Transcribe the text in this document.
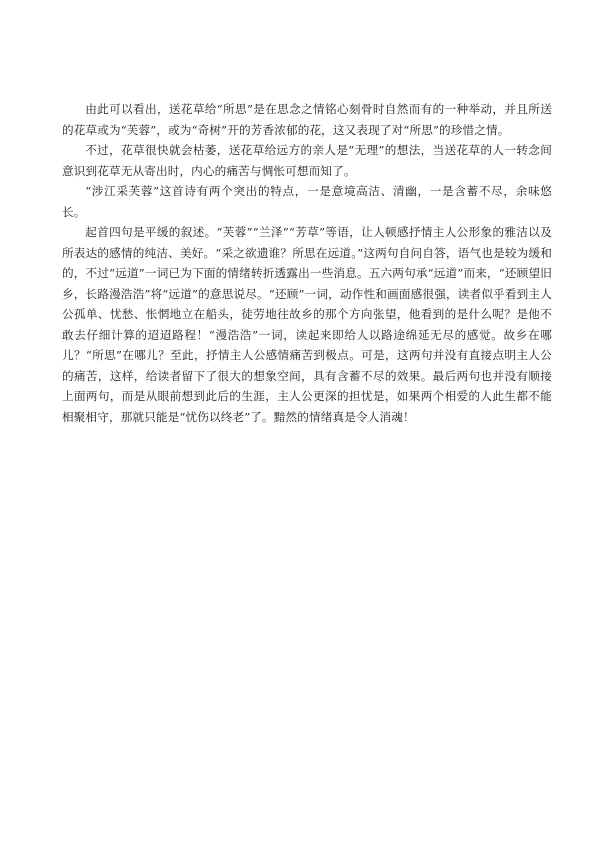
由此可以看出，送花草给“所思”是在思念之情铭心刻骨时自然而有的一种举动，并且所送的花草或为“芙蓉”，或为“奇树”开的芳香浓郁的花，这又表现了对“所思”的珍惜之情。

不过，花草很快就会枯萎，送花草给远方的亲人是“无理”的想法，当送花草的人一转念间意识到花草无从寄出时，内心的痛苦与惆怅可想而知了。

“涉江采芙蓉”这首诗有两个突出的特点，一是意境高洁、清幽，一是含蓄不尽，余味悠长。

起首四句是平缓的叙述。“芙蓉”“兰泽”“芳草”等语，让人顿感抒情主人公形象的雅洁以及所表达的感情的纯洁、美好。“采之欲遗谁？所思在远道。”这两句自问自答，语气也是较为缓和的，不过“远道”一词已为下面的情绪转折透露出一些消息。五六两句承“远道”而来，“还顾望旧乡，长路漫浩浩”将“远道”的意思说尽。“还顾”一词，动作性和画面感很强，读者似乎看到主人公孤单、忧愁、怅惘地立在船头，徒劳地往故乡的那个方向张望，他看到的是什么呢？是他不敢去仔细计算的迢迢路程！“漫浩浩”一词，读起来即给人以路途绵延无尽的感觉。故乡在哪儿？“所思”在哪儿？至此，抒情主人公感情痛苦到极点。可是，这两句并没有直接点明主人公的痛苦，这样，给读者留下了很大的想象空间，具有含蓄不尽的效果。最后两句也并没有顺接上面两句，而是从眼前想到此后的生涯，主人公更深的担忧是，如果两个相爱的人此生都不能相聚相守，那就只能是“忧伤以终老”了。黯然的情绪真是令人消魂！
